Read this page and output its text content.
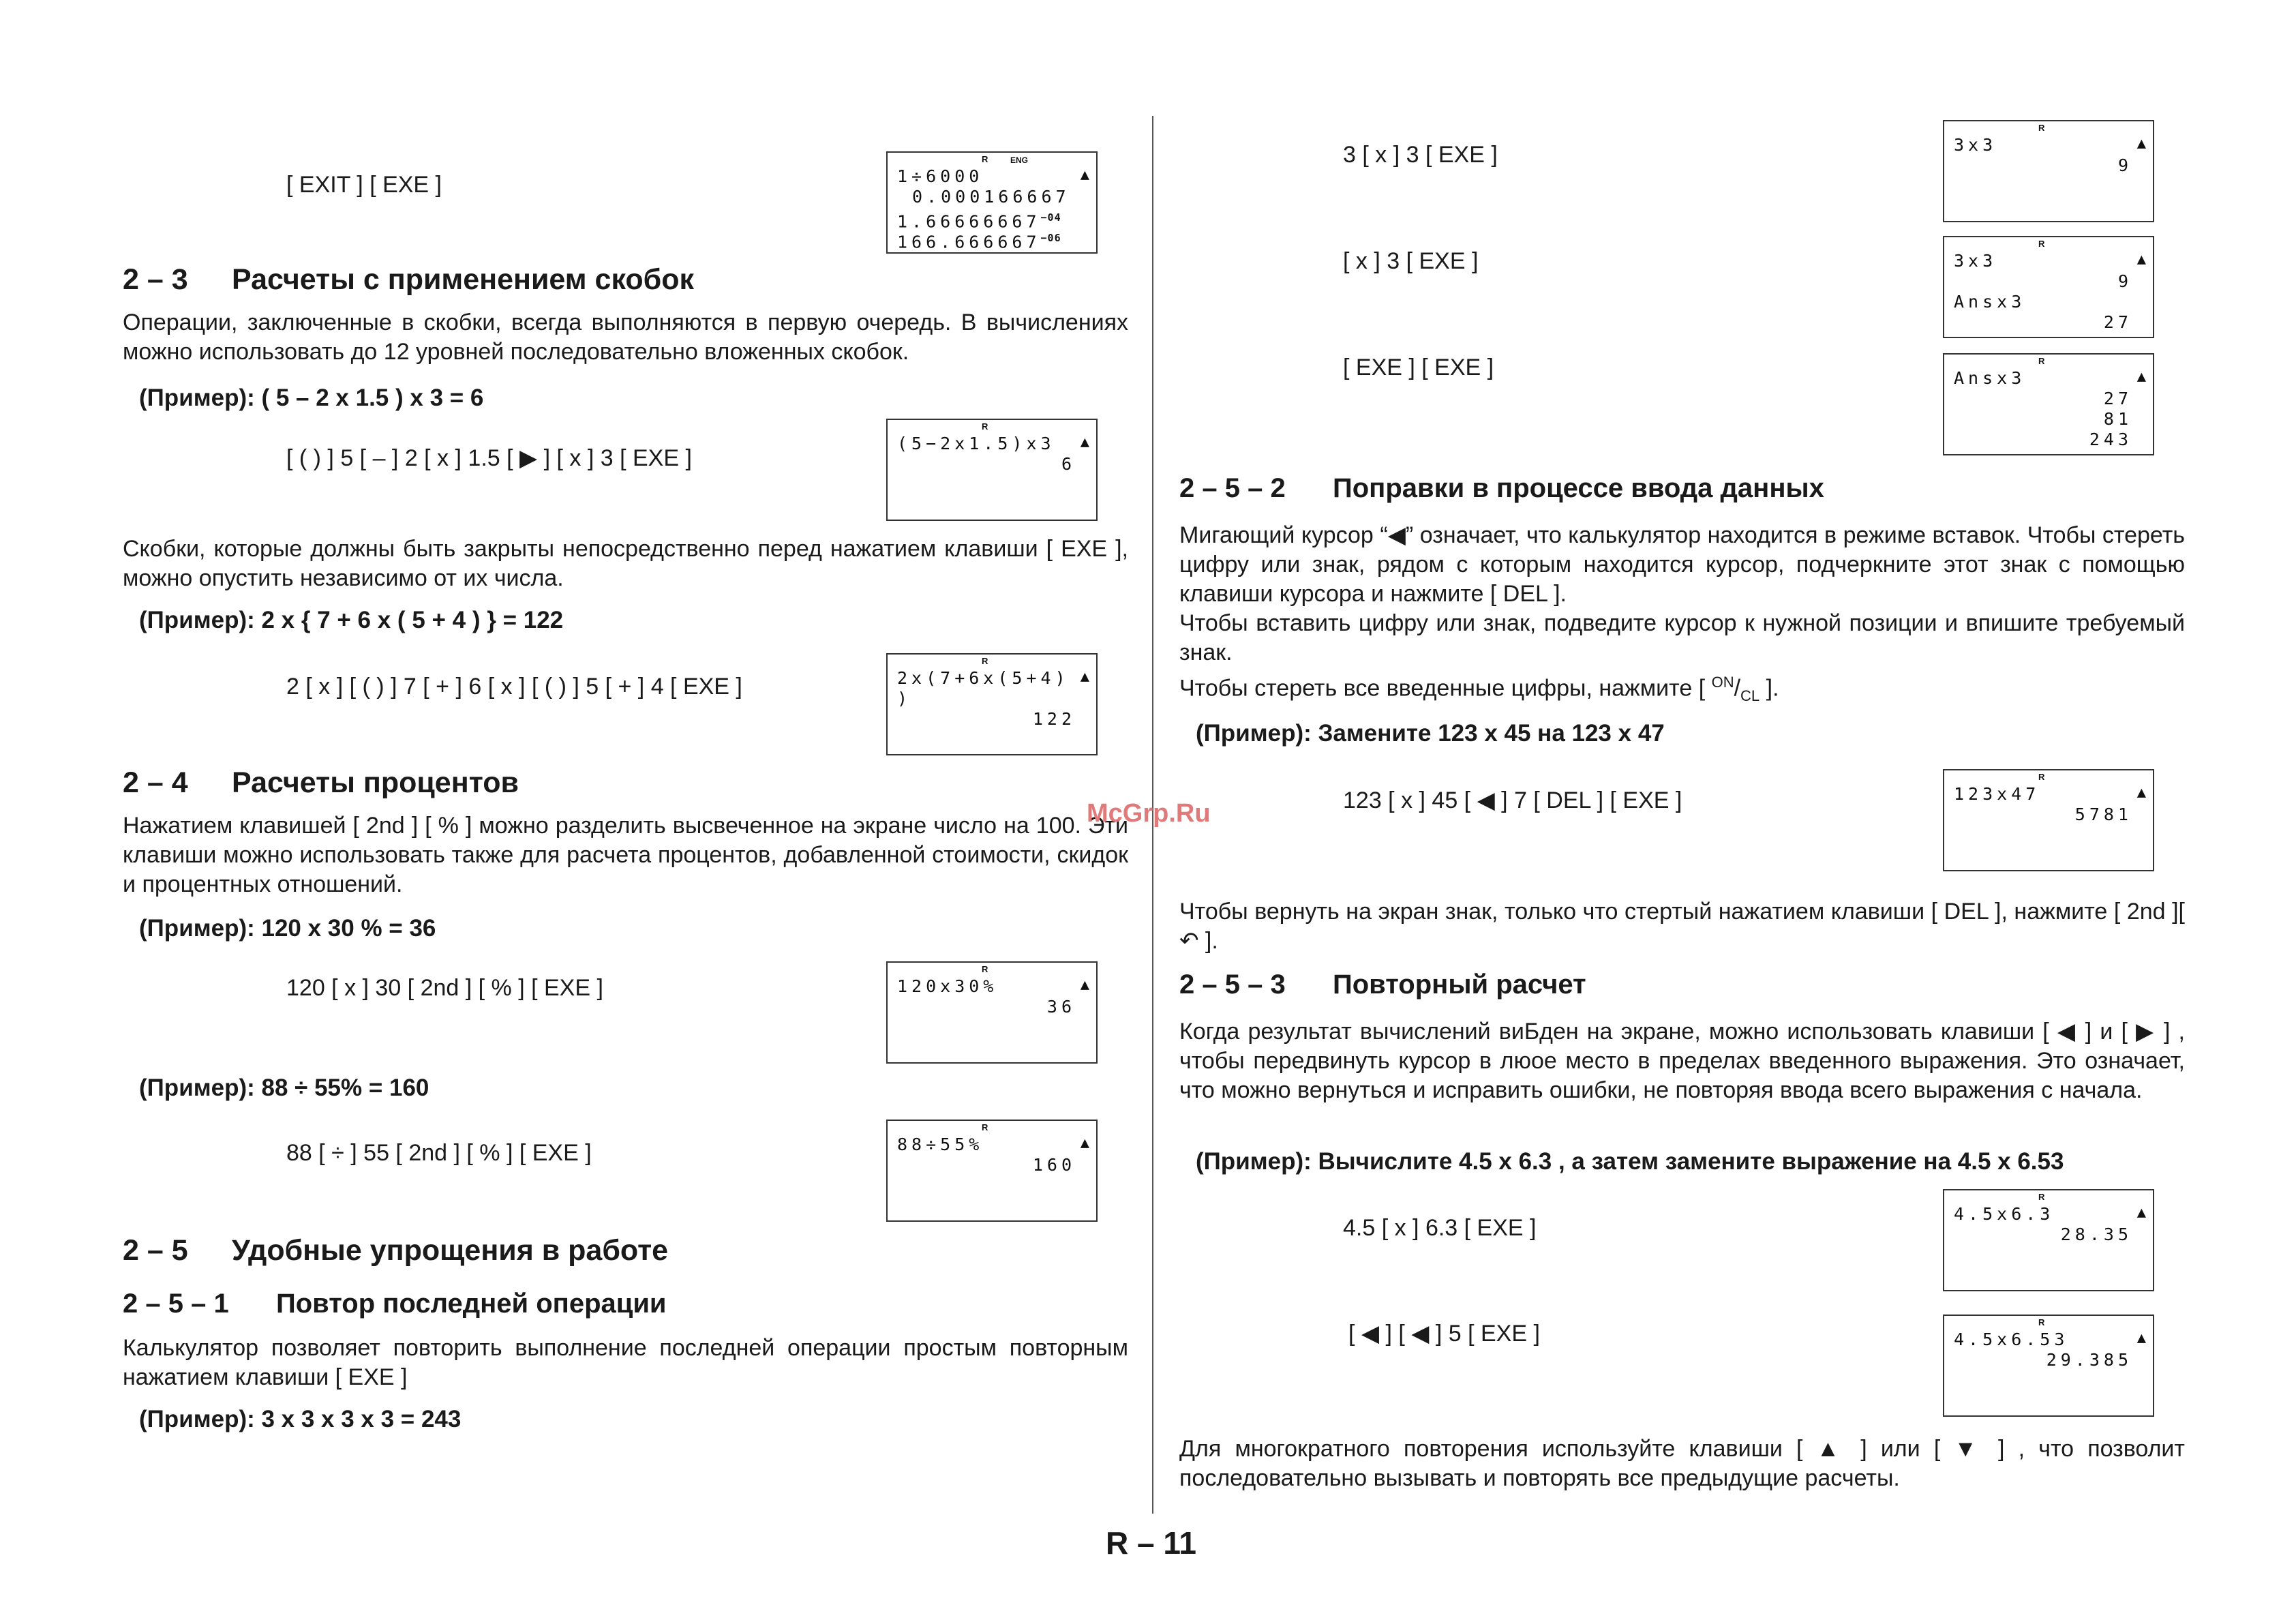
[ EXIT ] [ EXE ]
R	ENG
▲
1÷6000
0.000166667
$1.66666667^{-04}$
$166.666667^{-06}$
2 – 3 Расчеты с применением скобок
Операции, заключенные в скобки, всегда выполняются в первую очередь. В вычислениях можно использовать до 12 уровней последовательно вложенных скобок.
(Пример): ( 5 – 2 x 1.5 ) x 3 = 6
[ ( ) ] 5 [ – ] 2 [ x ] 1.5 [ ▶ ] [ x ] 3 [ EXE ]
R
▲
(5−2x1.5)x3
6
Скобки, которые должны быть закрыты непосредственно перед нажатием клавиши [ EXE ], можно опустить независимо от их числа.
(Пример): 2 x { 7 + 6 x ( 5 + 4 ) } = 122
2 [ x ] [ ( ) ] 7 [ + ] 6 [ x ] [ ( ) ] 5 [ + ] 4 [ EXE ]
R
▲
2x(7+6x(5+4)
)
122
2 – 4 Расчеты процентов
Нажатием клавишей [ 2nd ] [ % ] можно разделить высвеченное на экране число на 100. Эти клавиши можно использовать также для расчета процентов, добавленной стоимости, скидок и процентных отношений.
(Пример): 120 x 30 % = 36
120 [ x ] 30 [ 2nd ] [ % ] [ EXE ]
R
▲
120x30%
36
(Пример): 88 ÷ 55% = 160
88 [ ÷ ] 55 [ 2nd ] [ % ] [ EXE ]
R
▲
88÷55%
160
2 – 5 Удобные упрощения в работе
2 – 5 – 1 Повтор последней операции
Калькулятор позволяет повторить выполнение последней операции простым повторным нажатием клавиши [ EXE ]
(Пример): 3 x 3 x 3 x 3 = 243
3 [ x ] 3 [ EXE ]
R
▲
3x3
9
[ x ] 3 [ EXE ]
R
▲
3x3
9
Ansx3
27
[ EXE ] [ EXE ]	R
▲
Ansx3
27
81
243
2 – 5 – 2 Поправки в процессе ввода данных

Мигающий курсор “◀” означает, что калькулятор находится в режиме вставок. Чтобы стереть цифру или знак, рядом с которым находится курсор, подчеркните этот знак с помощью клавиши курсора и нажмите [ DEL ].

Чтобы вставить цифру или знак, подведите курсор к нужной позиции и впишите требуемый знак.

Чтобы стереть все введенные цифры, нажмите [ $^{ON}/_{CL}$ ].

(Пример): Замените 123 x 45 на 123 x 47
123 [ x ] 45 [ ◀ ] 7 [ DEL ] [ EXE ]
R
▲
123x47
5781
Чтобы вернуть на экран знак, только что стертый нажатием клавиши [ DEL ], нажмите [ 2nd ][ ↶ ].
2 – 5 – 3 Повторный расчет
Когда результат вычислений виБден на экране, можно использовать клавиши [ ◀ ] и [ ▶ ] , чтобы передвинуть курсор в люое место в пределах введенного выражения. Это означает, что можно вернуться и исправить ошибки, не повторяя ввода всего выражения с начала.
(Пример): Вычислите 4.5 x 6.3 , а затем замените выражение на 4.5 x 6.53
4.5 [ x ] 6.3 [ EXE ]
R
▲
4.5x6.3
28.35
[ ◀ ] [ ◀ ] 5 [ EXE ]	R
▲
4.5x6.53
29.385
Для многократного повторения используйте клавиши [ ▲ ] или [ ▼ ] , что позволит последовательно вызывать и повторять все предыдущие расчеты.
McGrp.Ru
R – 11
